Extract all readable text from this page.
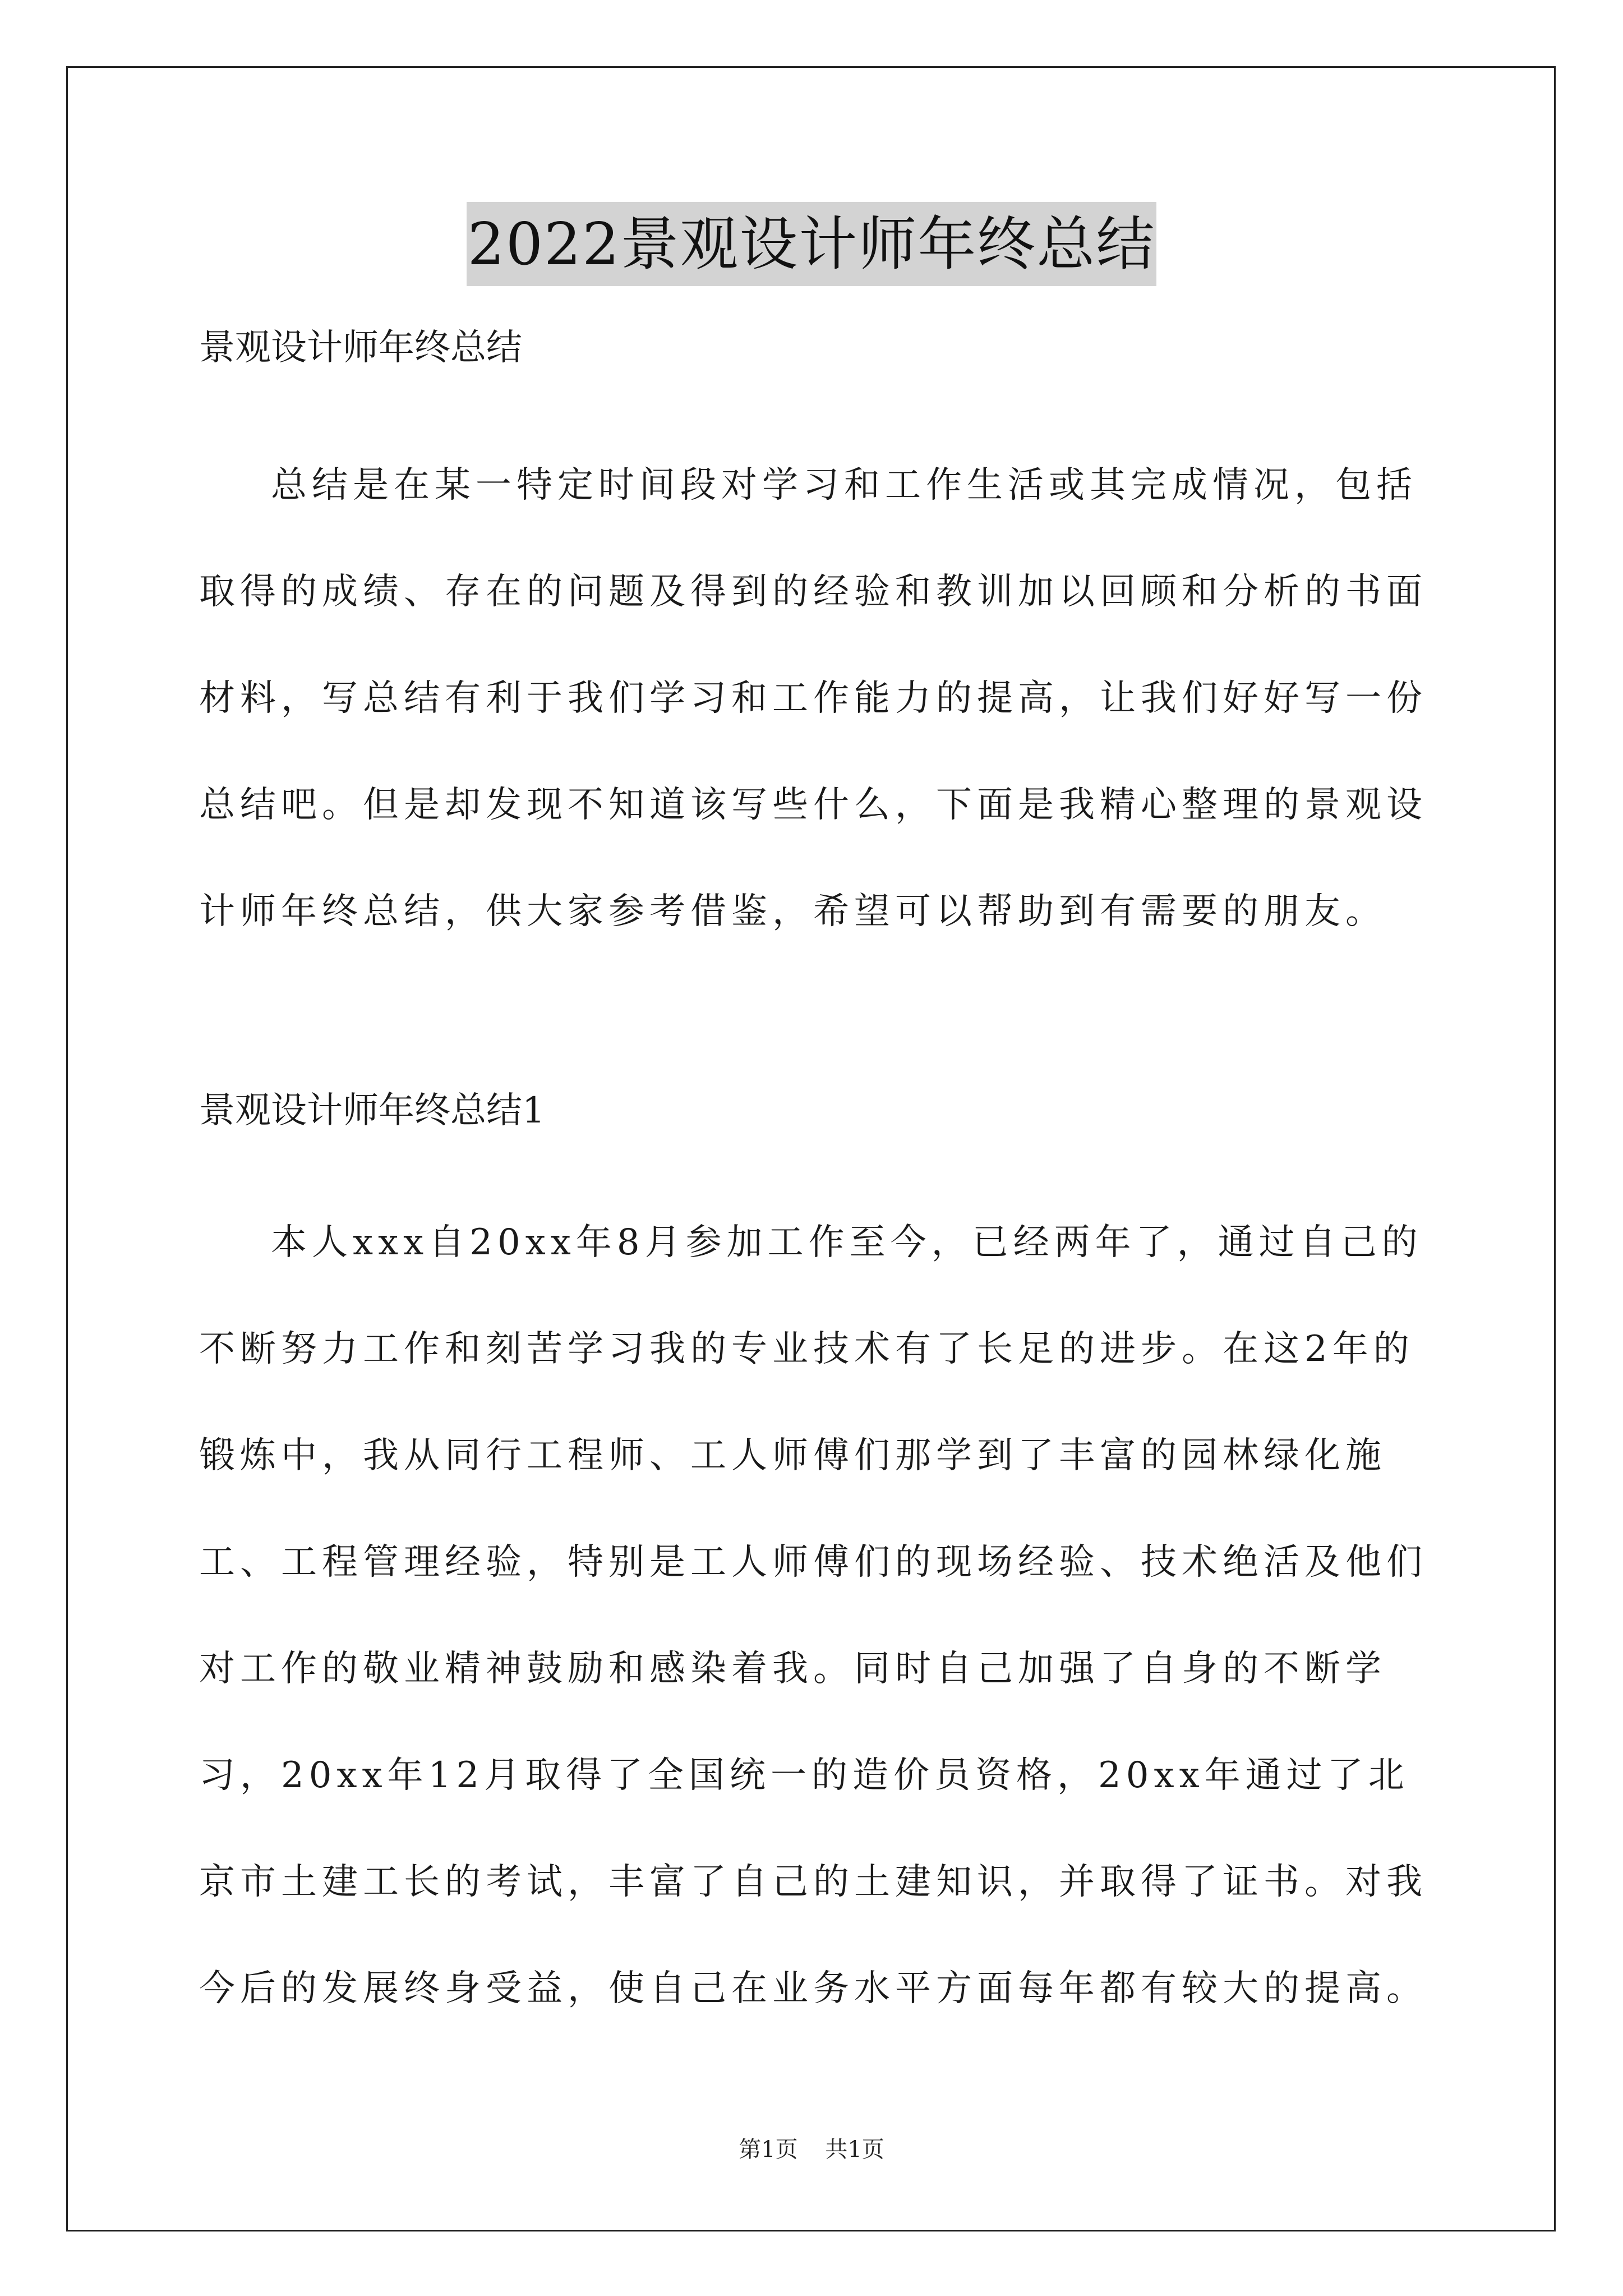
2022景观设计师年终总结

景观设计师年终总结

总结是在某一特定时间段对学习和工作生活或其完成情况，包括取得的成绩、存在的问题及得到的经验和教训加以回顾和分析的书面材料，写总结有利于我们学习和工作能力的提高，让我们好好写一份总结吧。但是却发现不知道该写些什么，下面是我精心整理的景观设计师年终总结，供大家参考借鉴，希望可以帮助到有需要的朋友。

景观设计师年终总结1

本人xxx自20xx年8月参加工作至今，已经两年了，通过自己的不断努力工作和刻苦学习我的专业技术有了长足的进步。在这2年的锻炼中，我从同行工程师、工人师傅们那学到了丰富的园林绿化施工、工程管理经验，特别是工人师傅们的现场经验、技术绝活及他们对工作的敬业精神鼓励和感染着我。同时自己加强了自身的不断学习，20xx年12月取得了全国统一的造价员资格，20xx年通过了北京市土建工长的考试，丰富了自己的土建知识，并取得了证书。对我今后的发展终身受益，使自己在业务水平方面每年都有较大的提高。

第1页 共1页
